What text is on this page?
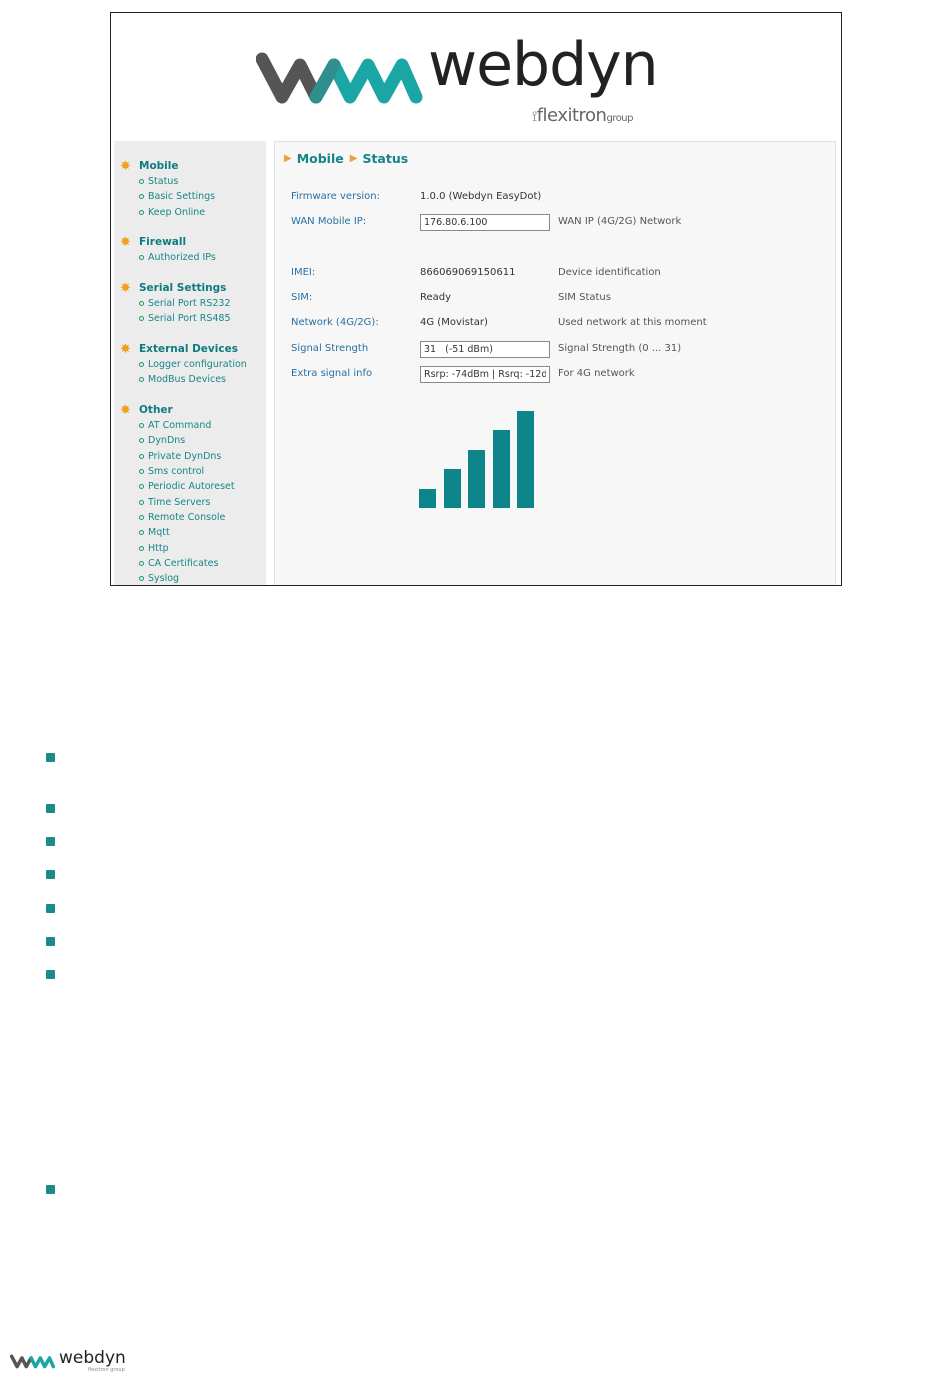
webdyn
⟟flexitrongroup
✸ Mobile
Status
Basic Settings
Keep Online
✸ Firewall
Authorized IPs
✸ Serial Settings
Serial Port RS232
Serial Port RS485
✸ External Devices
Logger configuration
ModBus Devices
✸ Other
AT Command
DynDns
Private DynDns
Sms control
Periodic Autoreset
Time Servers
Remote Console
Mqtt
Http
CA Certificates
Syslog
▶ Mobile ▶ Status
Firmware version:	1.0.0 (Webdyn EasyDot)
WAN Mobile IP:
176.80.6.100	WAN IP (4G/2G) Network
IMEI:	866069069150611	Device identification
SIM:	Ready	SIM Status
Network (4G/2G):	4G (Movistar)	Used network at this moment
Signal Strength
31 (-51 dBm)	Signal Strength (0 ... 31)
Extra signal info
Rsrp: -74dBm | Rsrq: -12dB	For 4G network
webdyn
flexitron group
